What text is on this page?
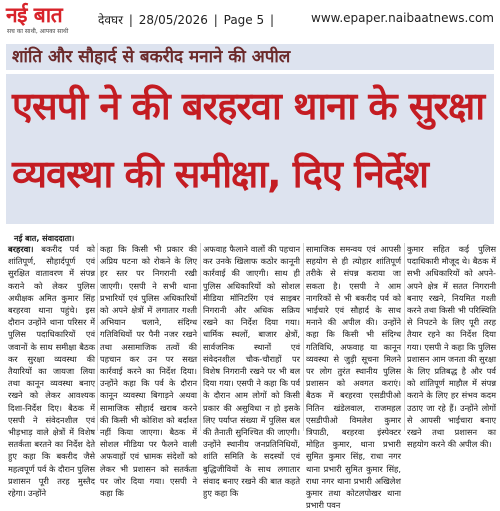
नई बात
सच का साथी, आपका साथी
देवघर | 28/05/2026 | Page 5 |	www.epaper.naibaatnews.com
शांति और सौहार्द से बकरीद मनाने की अपील
एसपी ने की बरहरवा थाना के सुरक्षा
व्यवस्था की समीक्षा, दिए निर्देश
नई बात, संवाददाता।
बरहरवा। बकरीद पर्व को शांतिपूर्ण, सौहार्दपूर्ण एवं सुरक्षित वातावरण में संपन्न कराने को लेकर पुलिस अधीक्षक अमित कुमार सिंह बरहरवा थाना पहुंचे। इस दौरान उन्होंने थाना परिसर में पुलिस पदाधिकारियों एवं जवानों के साथ समीक्षा बैठक कर सुरक्षा व्यवस्था की तैयारियों का जायजा लिया तथा कानून व्यवस्था बनाए रखने को लेकर आवश्यक दिशा-निर्देश दिए। बैठक में एसपी ने संवेदनशील एवं भीड़भाड़ वाले क्षेत्रों में विशेष सतर्कता बरतने का निर्देश देते हुए कहा कि बकरीद जैसे महत्वपूर्ण पर्व के दौरान पुलिस प्रशासन पूरी तरह मुस्तैद रहेगा। उन्होंने
कहा कि किसी भी प्रकार की अप्रिय घटना को रोकने के लिए हर स्तर पर निगरानी रखी जाएगी। एसपी ने सभी थाना प्रभारियों एवं पुलिस अधिकारियों को अपने क्षेत्रों में लगातार गश्ती अभियान चलाने, संदिग्ध गतिविधियों पर पैनी नजर रखने तथा असामाजिक तत्वों की पहचान कर उन पर सख्त कार्रवाई करने का निर्देश दिया। उन्होंने कहा कि पर्व के दौरान कानून व्यवस्था बिगाड़ने अथवा सामाजिक सौहार्द खराब करने की किसी भी कोशिश को बर्दाश्त नहीं किया जाएगा। बैठक में सोशल मीडिया पर फैलने वाली अफवाहों एवं भ्रामक संदेशों को लेकर भी प्रशासन को सतर्कता पर जोर दिया गया। एसपी ने कहा कि
अफवाह फैलाने वालों की पहचान कर उनके खिलाफ कठोर कानूनी कार्रवाई की जाएगी। साथ ही पुलिस अधिकारियों को सोशल मीडिया मॉनिटरिंग एवं साइबर निगरानी और अधिक सक्रिय रखने का निर्देश दिया गया। धार्मिक स्थलों, बाजार क्षेत्रों, सार्वजनिक स्थानों एवं संवेदनशील चौक-चौराहों पर विशेष निगरानी रखने पर भी बल दिया गया। एसपी ने कहा कि पर्व के दौरान आम लोगों को किसी प्रकार की असुविधा न हो इसके लिए पर्याप्त संख्या में पुलिस बल की तैनाती सुनिश्चित की जाएगी। उन्होंने स्थानीय जनप्रतिनिधियों, शांति समिति के सदस्यों एवं बुद्धिजीवियों के साथ लगातार संवाद बनाए रखने की बात कहते हुए कहा कि
सामाजिक समन्वय एवं आपसी सहयोग से ही त्योहार शांतिपूर्ण तरीके से संपन्न कराया जा सकता है। एसपी ने आम नागरिकों से भी बकरीद पर्व को भाईचारे एवं सौहार्द के साथ मनाने की अपील की। उन्होंने कहा कि किसी भी संदिग्ध गतिविधि, अफवाह या कानून व्यवस्था से जुड़ी सूचना मिलने पर लोग तुरंत स्थानीय पुलिस प्रशासन को अवगत कराएं। बैठक में बरहरवा एसडीपीओ नितिन खंडेलवाल, राजमहल एसडीपीओ विमलेश कुमार त्रिपाठी, बरहरवा इंस्पेक्टर मोहित कुमार, थाना प्रभारी सुमित कुमार सिंह, राधा नगर थाना प्रभारी सुमित कुमार सिंह, राधा नगर थाना प्रभारी अखिलेश कुमार तथा कोटलपोखर थाना प्रभारी पवन
कुमार सहित कई पुलिस पदाधिकारी मौजूद थे। बैठक में सभी अधिकारियों को अपने-अपने क्षेत्र में सतत निगरानी बनाए रखने, नियमित गश्ती करने तथा किसी भी परिस्थिति से निपटने के लिए पूरी तरह तैयार रहने का निर्देश दिया गया। एसपी ने कहा कि पुलिस प्रशासन आम जनता की सुरक्षा के लिए प्रतिबद्ध है और पर्व को शांतिपूर्ण माहौल में संपन्न कराने के लिए हर संभव कदम उठाए जा रहे हैं। उन्होंने लोगों से आपसी भाईचारा बनाए रखने तथा प्रशासन का सहयोग करने की अपील की।
